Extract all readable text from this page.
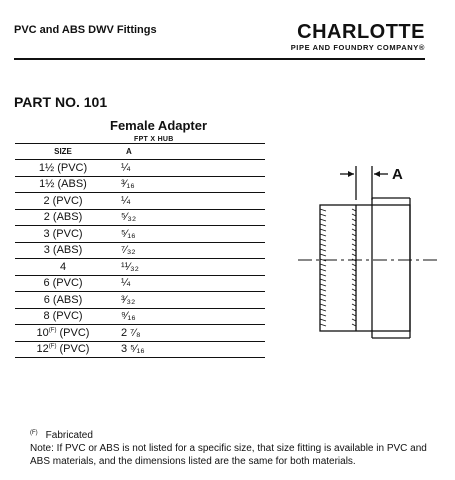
PVC and ABS DWV Fittings	CHARLOTTE
PIPE AND FOUNDRY COMPANY®
PART NO. 101
Female Adapter
FPT X HUB
SIZE	A
1½ (PVC)	¼
1½ (ABS)	³⁄₁₆
2 (PVC)	¼
2 (ABS)	⁵⁄₃₂
3 (PVC)	⁵⁄₁₆
3 (ABS)	⁷⁄₃₂
4	¹¹⁄₃₂
6 (PVC)	¼
6 (ABS)	³⁄₃₂
8 (PVC)	⁹⁄₁₆
$10^{(F)}$ (PVC)	2 ⁷⁄₈
$12^{(F)}$ (PVC)	3 ⁵⁄₁₆
A
$^{(F)}$ Fabricated
Note: If PVC or ABS is not listed for a specific size, that size fitting is available in PVC and ABS materials, and the dimensions listed are the same for both materials.
